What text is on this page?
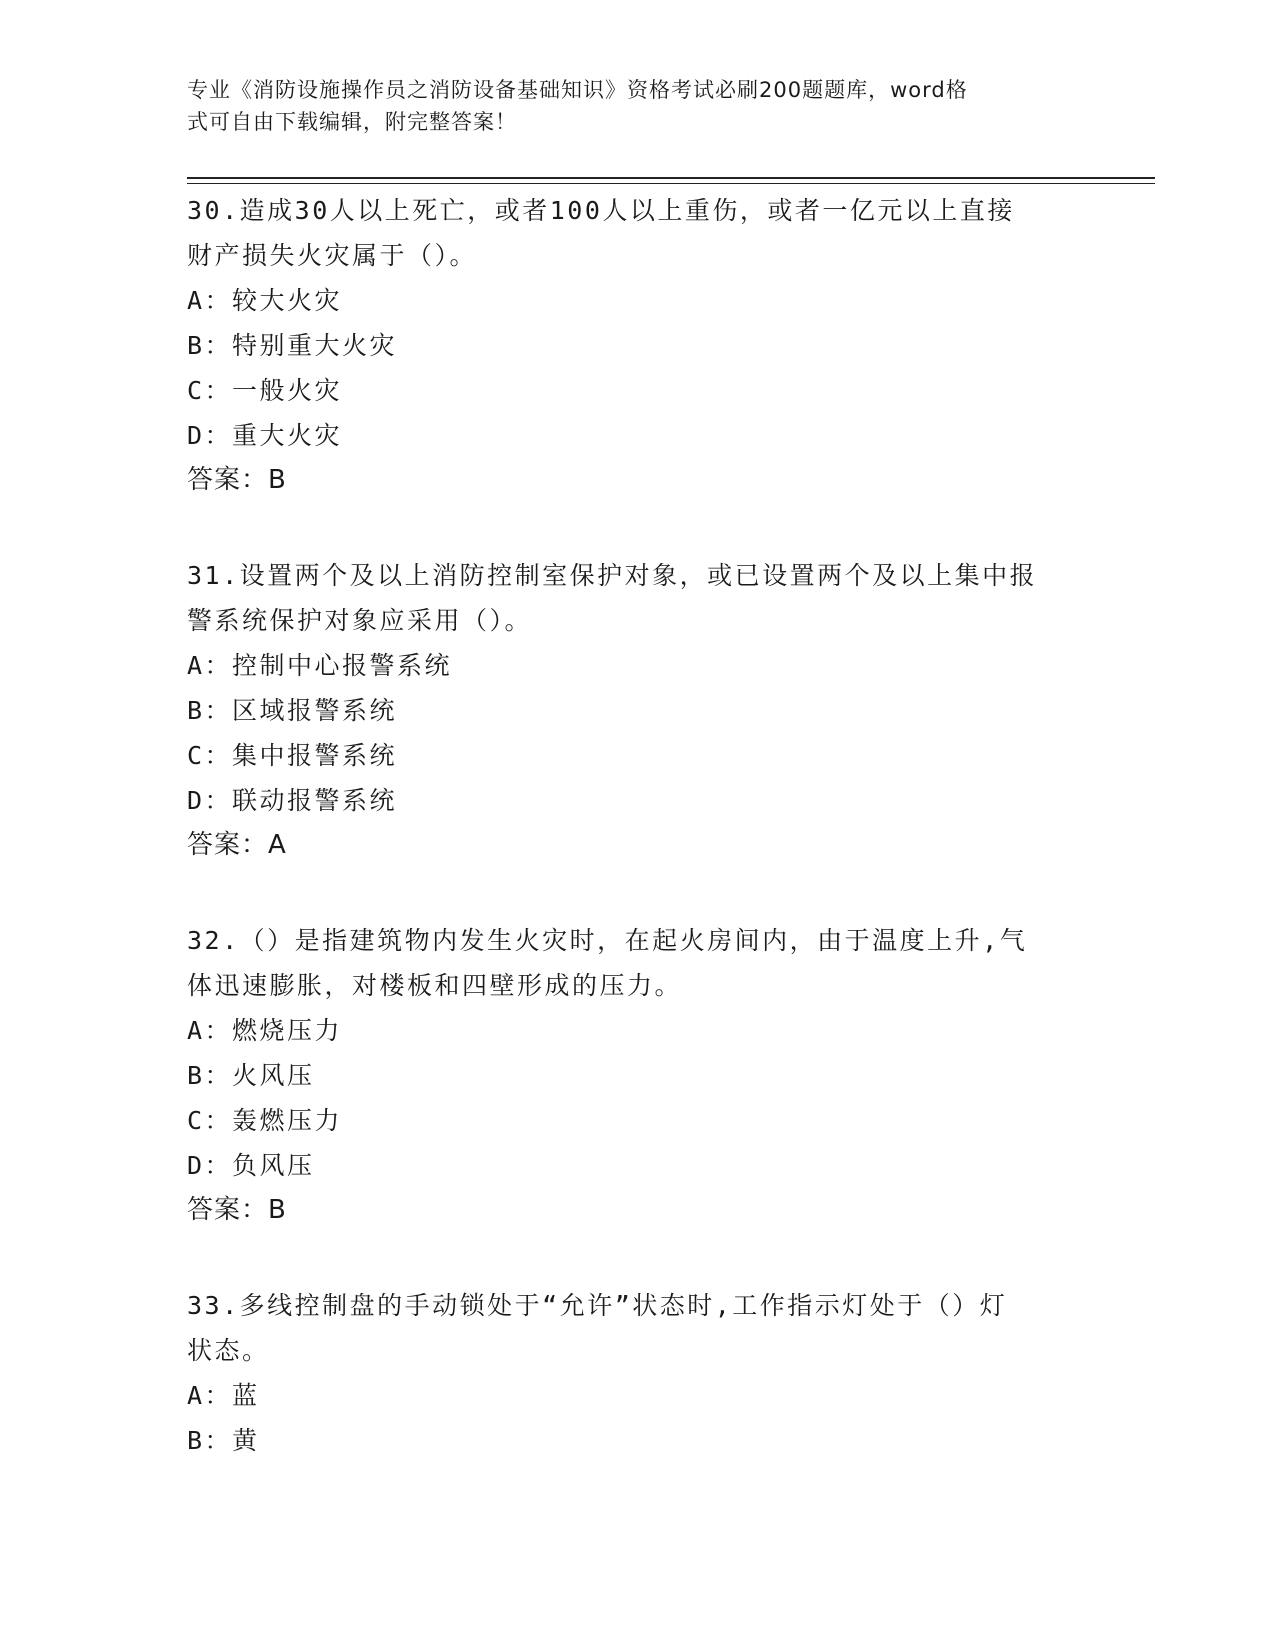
专业《消防设施操作员之消防设备基础知识》资格考试必刷200题题库，word格
式可自由下载编辑，附完整答案！

30.造成30人以上死亡，或者100人以上重伤，或者一亿元以上直接

财产损失火灾属于（）。

A：较大火灾

B：特别重大火灾

C：一般火灾

D：重大火灾

答案：B

31.设置两个及以上消防控制室保护对象，或已设置两个及以上集中报

警系统保护对象应采用（）。

A：控制中心报警系统

B：区域报警系统

C：集中报警系统

D：联动报警系统

答案：A

32.（）是指建筑物内发生火灾时，在起火房间内，由于温度上升,气

体迅速膨胀，对楼板和四壁形成的压力。

A：燃烧压力

B：火风压

C：轰燃压力

D：负风压

答案：B

33.多线控制盘的手动锁处于“允许”状态时,工作指示灯处于（）灯

状态。

A：蓝

B：黄
